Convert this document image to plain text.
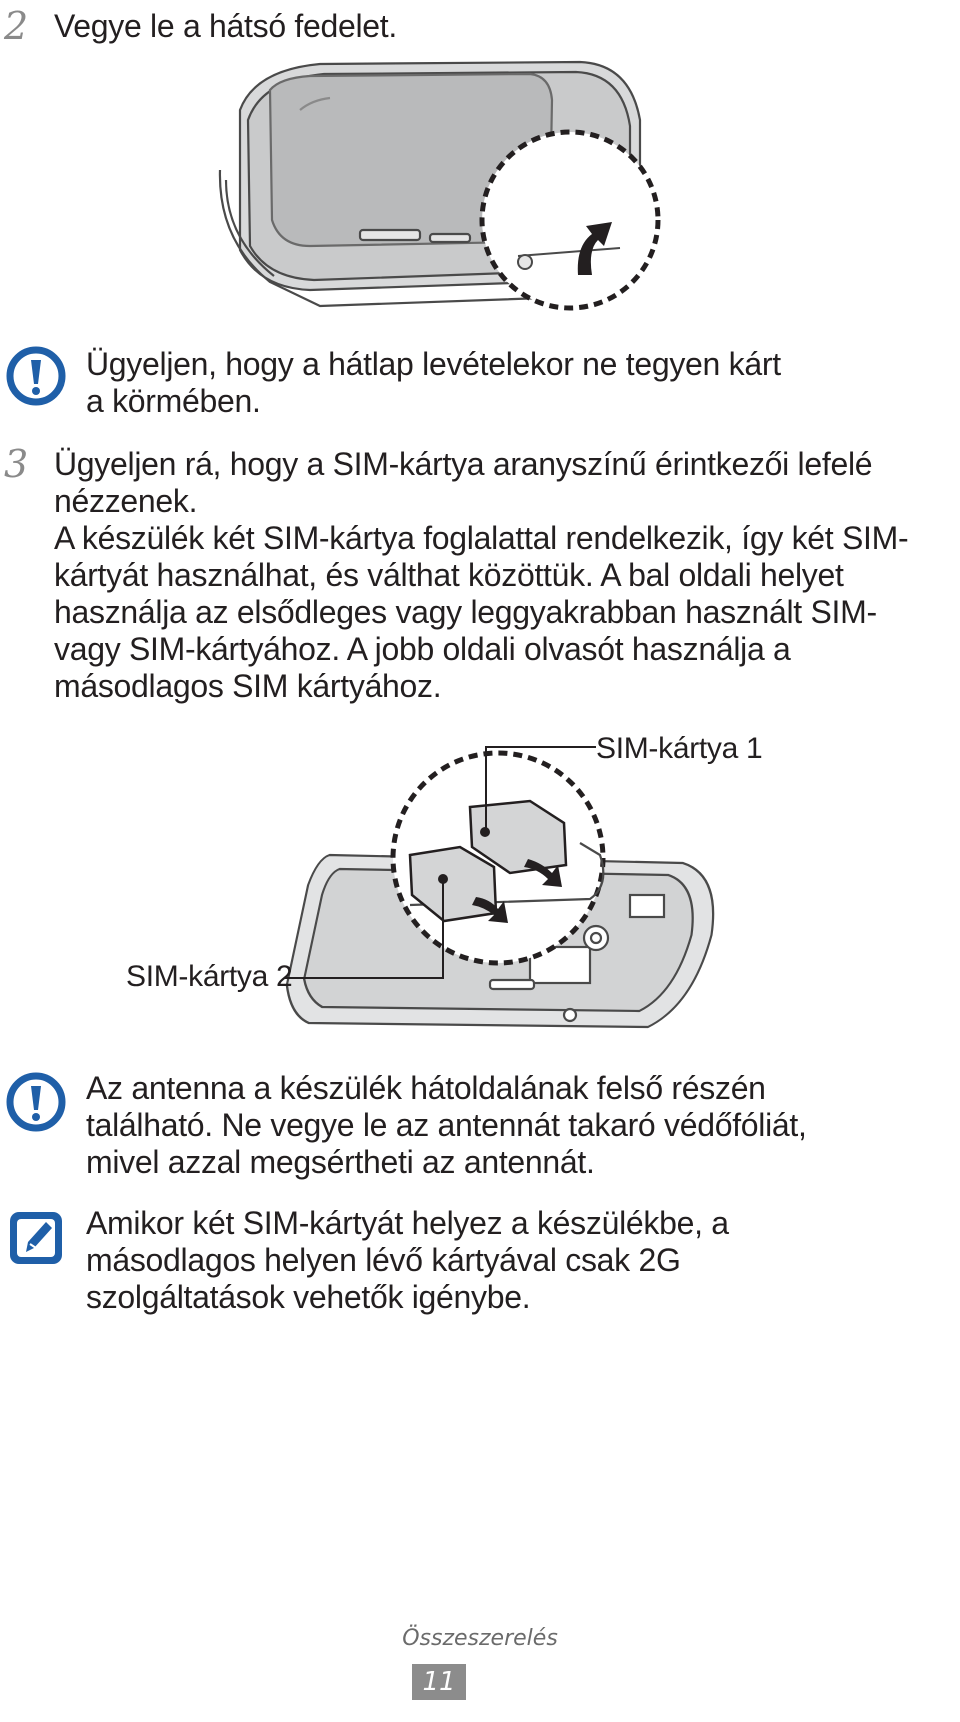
2 Vegye le a hátsó fedelet.
Ügyeljen, hogy a hátlap levételekor ne tegyen kárt a körmében.
3 Ügyeljen rá, hogy a SIM-kártya aranyszínű érintkezői lefelé nézzenek.

A készülék két SIM-kártya foglalattal rendelkezik, így két SIM-kártyát használhat, és válthat közöttük. A bal oldali helyet használja az elsődleges vagy leggyakrabban használt SIM- vagy SIM-kártyához. A jobb oldali olvasót használja a másodlagos SIM kártyához.

SIM-kártya 1
SIM-kártya 2
Az antenna a készülék hátoldalának felső részén található. Ne vegye le az antennát takaró védőfóliát, mivel azzal megsértheti az antennát.
Amikor két SIM-kártyát helyez a készülékbe, a másodlagos helyen lévő kártyával csak 2G szolgáltatások vehetők igénybe.
Összeszerelés
11
